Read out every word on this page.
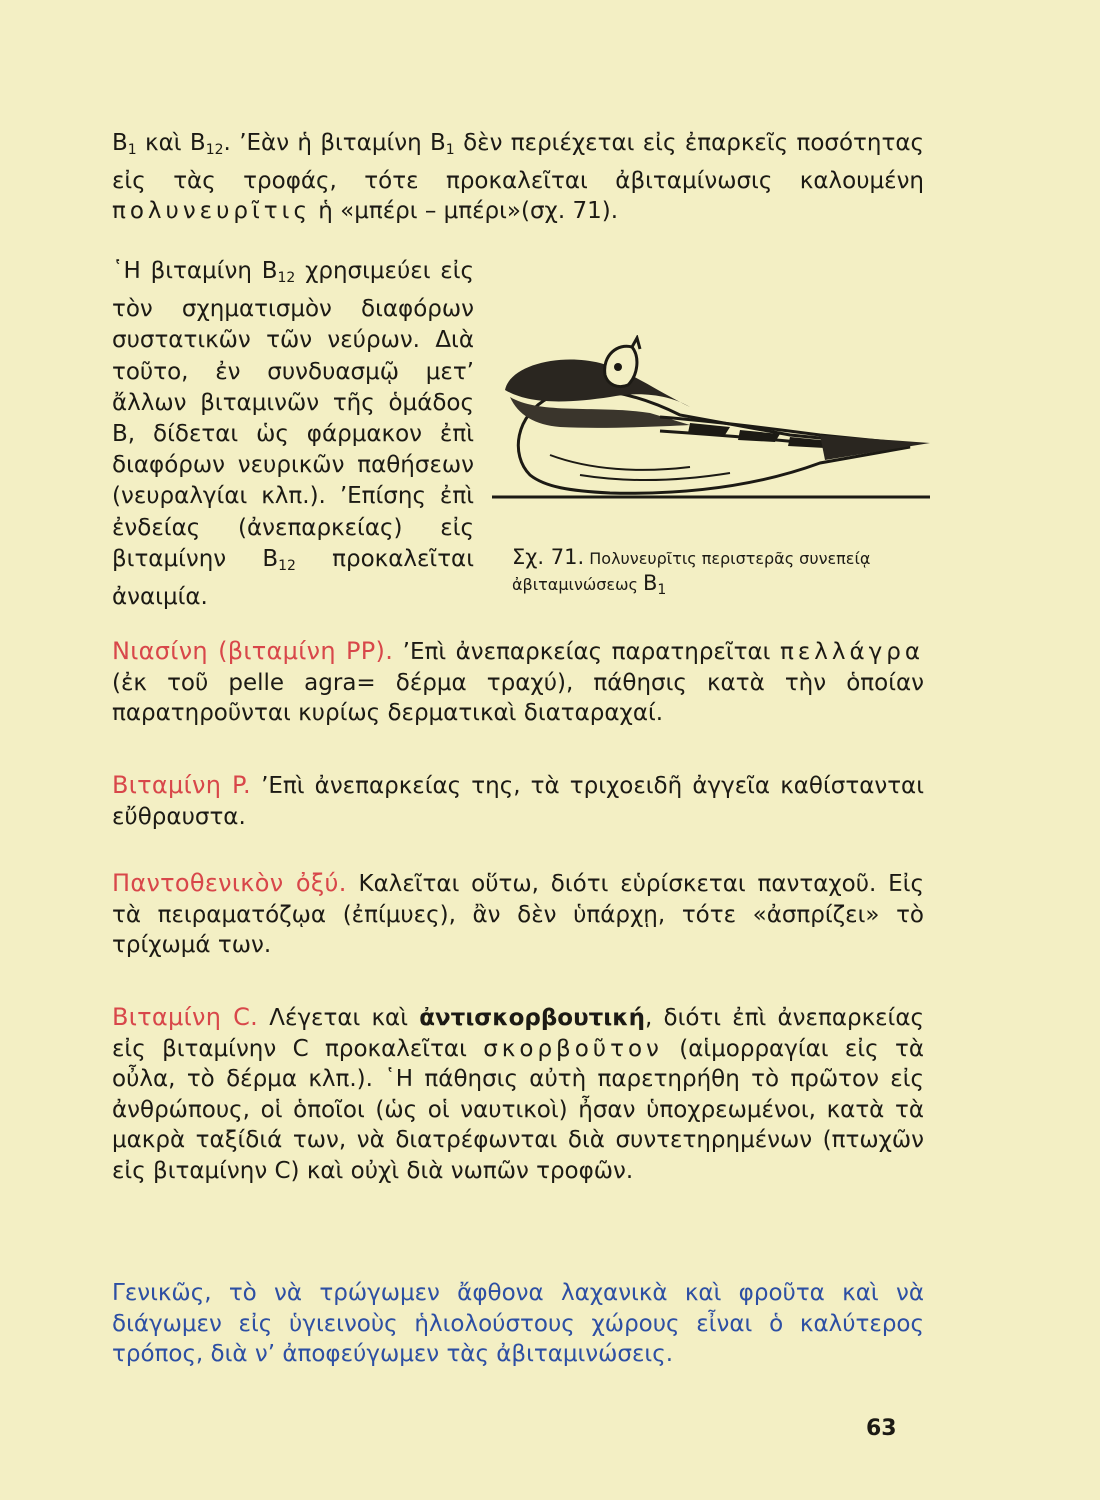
$B_1$ καὶ $B_{12}$. ’Εὰν ἡ βιταμίνη $B_1$ δὲν περιέχεται εἰς ἐπαρκεῖς ποσότητας εἰς τὰς τροφάς, τότε προκαλεῖται ἀβιταμίνωσις καλουμένη πολυνευρῖτις ἡ «μπέρι – μπέρι»(σχ. 71).
῾Η βιταμίνη $B_{12}$ χρησιμεύει εἰς τὸν σχηματισμὸν διαφόρων συστατικῶν τῶν νεύρων. Διὰ τοῦτο, ἐν συνδυασμῷ μετ’ ἄλλων βιταμινῶν τῆς ὁμάδος B, δίδεται ὡς φάρμακον ἐπὶ διαφόρων νευρικῶν παθήσεων (νευραλγίαι κλπ.). ’Επίσης ἐπὶ ἐνδείας (ἀνεπαρκείας) εἰς βιταμίνην $B_{12}$ προκαλεῖται ἀναιμία.
Σχ. 71. Πολυνευρῖτις περιστερᾶς συνεπείᾳ ἀβιταμινώσεως $B_1$
Νιασίνη (βιταμίνη PP). ’Επὶ ἀνεπαρκείας παρατηρεῖται πελλάγρα (ἐκ τοῦ pelle agra= δέρμα τραχύ), πάθησις κατὰ τὴν ὁποίαν παρατηροῦνται κυρίως δερματικαὶ διαταραχαί.
Βιταμίνη P. ’Επὶ ἀνεπαρκείας της, τὰ τριχοειδῆ ἀγγεῖα καθίστανται εὔθραυστα.
Παντοθενικὸν ὀξύ. Καλεῖται οὕτω, διότι εὑρίσκεται πανταχοῦ. Εἰς τὰ πειραματόζῳα (ἐπίμυες), ἂν δὲν ὑπάρχῃ, τότε «ἀσπρίζει» τὸ τρίχωμά των.
Βιταμίνη C. Λέγεται καὶ ἀντισκορβουτική, διότι ἐπὶ ἀνεπαρκείας εἰς βιταμίνην C προκαλεῖται σκορβοῦτον (αἱμορραγίαι εἰς τὰ οὖλα, τὸ δέρμα κλπ.). ῾Η πάθησις αὐτὴ παρετηρήθη τὸ πρῶτον εἰς ἀνθρώπους, οἱ ὁποῖοι (ὡς οἱ ναυτικοὶ) ἦσαν ὑποχρεωμένοι, κατὰ τὰ μακρὰ ταξίδιά των, νὰ διατρέφωνται διὰ συντετηρημένων (πτωχῶν εἰς βιταμίνην C) καὶ οὐχὶ διὰ νωπῶν τροφῶν.
Γενικῶς, τὸ νὰ τρώγωμεν ἄφθονα λαχανικὰ καὶ φροῦτα καὶ νὰ διάγωμεν εἰς ὑγιεινοὺς ἡλιολούστους χώρους εἶναι ὁ καλύτερος τρόπος, διὰ ν’ ἀποφεύγωμεν τὰς ἀβιταμινώσεις.
63
